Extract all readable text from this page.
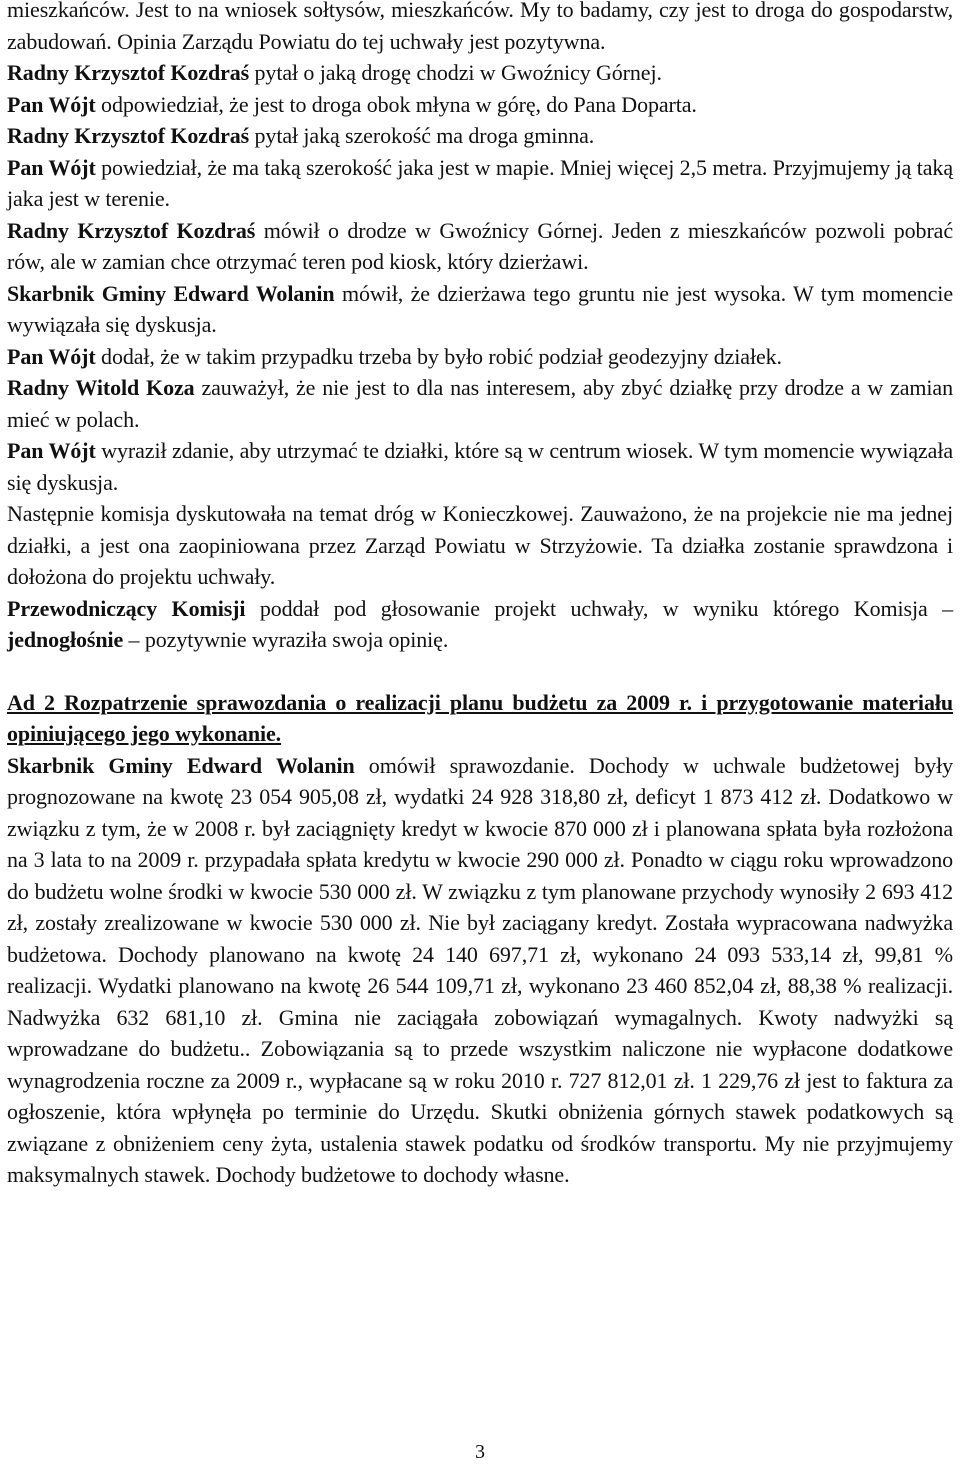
mieszkańców. Jest to na wniosek sołtysów, mieszkańców. My to badamy, czy jest to droga do gospodarstw, zabudowań. Opinia Zarządu Powiatu do tej uchwały jest pozytywna.

Radny Krzysztof Kozdraś pytał o jaką drogę chodzi w Gwoźnicy Górnej.

Pan Wójt odpowiedział, że jest to droga obok młyna w górę, do Pana Doparta.

Radny Krzysztof Kozdraś pytał jaką szerokość ma droga gminna.

Pan Wójt powiedział, że ma taką szerokość jaka jest w mapie. Mniej więcej 2,5 metra. Przyjmujemy ją taką jaka jest w terenie.

Radny Krzysztof Kozdraś mówił o drodze w Gwoźnicy Górnej. Jeden z mieszkańców pozwoli pobrać rów, ale w zamian chce otrzymać teren pod kiosk, który dzierżawi.

Skarbnik Gminy Edward Wolanin mówił, że dzierżawa tego gruntu nie jest wysoka. W tym momencie wywiązała się dyskusja.

Pan Wójt dodał, że w takim przypadku trzeba by było robić podział geodezyjny działek.

Radny Witold Koza zauważył, że nie jest to dla nas interesem, aby zbyć działkę przy drodze a w zamian mieć w polach.

Pan Wójt wyraził zdanie, aby utrzymać te działki, które są w centrum wiosek. W tym momencie wywiązała się dyskusja.

Następnie komisja dyskutowała na temat dróg w Konieczkowej. Zauważono, że na projekcie nie ma jednej działki, a jest ona zaopiniowana przez Zarząd Powiatu w Strzyżowie. Ta działka zostanie sprawdzona i dołożona do projektu uchwały.

Przewodniczący Komisji poddał pod głosowanie projekt uchwały, w wyniku którego Komisja – jednogłośnie – pozytywnie wyraziła swoja opinię.

Ad 2 Rozpatrzenie sprawozdania o realizacji planu budżetu za 2009 r. i przygotowanie materiału opiniującego jego wykonanie.

Skarbnik Gminy Edward Wolanin omówił sprawozdanie. Dochody w uchwale budżetowej były prognozowane na kwotę 23 054 905,08 zł, wydatki 24 928 318,80 zł, deficyt 1 873 412 zł. Dodatkowo w związku z tym, że w 2008 r. był zaciągnięty kredyt w kwocie 870 000 zł i planowana spłata była rozłożona na 3 lata to na 2009 r. przypadała spłata kredytu w kwocie 290 000 zł. Ponadto w ciągu roku wprowadzono do budżetu wolne środki w kwocie 530 000 zł. W związku z tym planowane przychody wynosiły 2 693 412 zł, zostały zrealizowane w kwocie 530 000 zł. Nie był zaciągany kredyt. Została wypracowana nadwyżka budżetowa. Dochody planowano na kwotę 24 140 697,71 zł, wykonano 24 093 533,14 zł, 99,81 % realizacji. Wydatki planowano na kwotę 26 544 109,71 zł, wykonano 23 460 852,04 zł, 88,38 % realizacji. Nadwyżka 632 681,10 zł. Gmina nie zaciągała zobowiązań wymagalnych. Kwoty nadwyżki są wprowadzane do budżetu.. Zobowiązania są to przede wszystkim naliczone nie wypłacone dodatkowe wynagrodzenia roczne za 2009 r., wypłacane są w roku 2010 r. 727 812,01 zł. 1 229,76 zł jest to faktura za ogłoszenie, która wpłynęła po terminie do Urzędu. Skutki obniżenia górnych stawek podatkowych są związane z obniżeniem ceny żyta, ustalenia stawek podatku od środków transportu. My nie przyjmujemy maksymalnych stawek. Dochody budżetowe to dochody własne.

3
